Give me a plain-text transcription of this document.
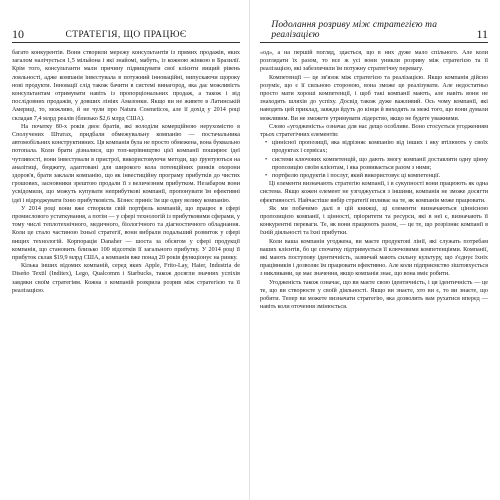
10	СТРАТЕГІЯ, ЩО ПРАЦЮЄ

багато конкурентів. Вони створили мережу консультантів із прямих продажів, яких загалом налічується 1,5 мільйона і які знайомі, мабуть, із кожною жінкою в Бразилії. Крім того, консультанти мали причину підвищувати свої клієнти вищий рівень лояльності, адже компанія інвестувала в потужний інноваційні, випускаючи щороку нові продукти. Інновації слід також бачити в системі винагород, яка дає можливість консультантам отримувати навіть із пропорціональних продаж, а також і від послідовних продажів, у довших лініях Амазонки. Якщо ви не живете в Латинській Америці, то, можливо, й не чули про Natura Cosmeticos, але її дохід у 2014 році складав 7,4 млрд реалів (близько $2,6 млрд США).

На початку 80-х років двоє братів, які володіли комерційною нерухомістю в Сполучених Штатах, придбали обмежувальну компанію — постачальника автомобільних конструктивних. Ця компанія була не просто обмежена, вона буквально потопала. Коли брати дізналися, що топ-керівництво цієї компанії поширює ідеї чутливості, вони інвестували в пристрої, використовуючи методи, що ґрунтуються на аналітиці, бюджету, адаптовані для широкого кола потенційних ринків охорони здоров'я, брати заклали компанію, що як інвестиційну програму прибутків до чистих грошових, засновники зрештою продали її з величезним прибутком. Незабаром вони усвідомили, що можуть купувати неприбуткові компанії, пропонувати їм ефективні ідеї і відроджувати їхню прибутковість. Бізнес приніс їм ще одну велику компанію.

У 2014 році вони вже створили свій портфель компаній, що працює в сфері промислового устаткування, а потім — у сфері технологій із прибутковими сферами, у тому числі теплотехнічного, медичного, біологічного та діагностичного обладнання. Коли це стало частиною їхньої стратегії, вони вибрали подальший розвиток у сфері вищих технологій. Корпорація Danaher — шоста за обсягом у сфері продукції компанія, що становить близько 100 відсотків її загального прибутку. У 2014 році її прибуток склав $19,9 млрд США, а компанія вже понад 20 років функціонує на ринку.

Кілька інших відомих компаній, серед яких Apple, Frito-Lay, Haier, Industria de Diseño Textil (Inditex), Lego, Qualcomm і Starbucks, також досягли значних успіхів завдяки своїм стратегіям. Кожна з компаній розкрила розрив між стратегією та її реалізацією.

Подолання розриву між стратегією та реалізацією	11

«од», а на першій погляд, здається, що в них дуже мало спільного. Але коли розглядати їх разом, то все ж усі вони уникли розриву між стратегією та її реалізацією, які забезпечили їм потужну стратегічну перевагу.

Компетенції — це зв'язок між стратегією та реалізацією. Якщо компанія дійсно розуміє, що є її сильною стороною, вона зможе це реалізувати. Але недостатньо просто мати хороші компетенції, і щоб такі компанії мають, але навіть вони не знаходять шляхів до успіху. Досвід також дуже важливий. Ось чому компанії, які наводять цей приклад, завжди йдуть до кінця й виходять за межі того, що вони думали можливим. Ви не зможете утримувати лідерство, якщо не будете уважними.

Слово «угодженість» означає для нас дещо особливе. Воно стосується угодженням трьох стратегічних елементів:

• ціннісної пропозиції, яка відрізняє компанію від інших і яку втілюють у своїх продуктах і сервісах;
• системи ключових компетенцій, що дають змогу компанії доставляти одну цінну пропозицію своїм клієнтам, і яка розвивається разом з ними;
• портфелю продуктів і послуг, який використовує ці компетенції.

Ці елементи визначають стратегію компанії, і в сукупності вони працюють як одна система. Якщо кожен елемент не узгоджується з іншими, компанія не зможе досягти ефективності. Найчастіше вибір стратегії впливає на те, як компанія може працювати.

Як ми побачимо далі в цій книжці, ці елементи визначаються ціннісною пропозицією компанії, і цінності, пріоритети та ресурси, які в неї є, визначають її конкурентні переваги. Те, як вони працюють разом, — це те, що розрізняє компанії в їхній діяльності та їхні прибутки.

Коли ваша компанія угоджена, ви маєте продуктові лінії, які служать потребам ваших клієнтів, бо це спочатку підтримується її ключовими компетенціями. Компанії, які мають поступову ідентичність, зазвичай мають сильну культуру, що з'єднує їхніх працівників і дозволяє їм працювати ефективно. Але коли підприємство зіштовхується з викликами, це має значення, якщо компанія знає, що вона вміє робити.

Угодженість також означає, що ви маєте свою ідентичність, і ця ідентичність — це те, що ви створюєте у своїй діяльності. Якщо ви знаєте, хто ви є, то ви знаєте, що робити. Тепер ви можете визначати стратегію, яка дозволить вам рухатися вперед — навіть коли оточення змінюється.
